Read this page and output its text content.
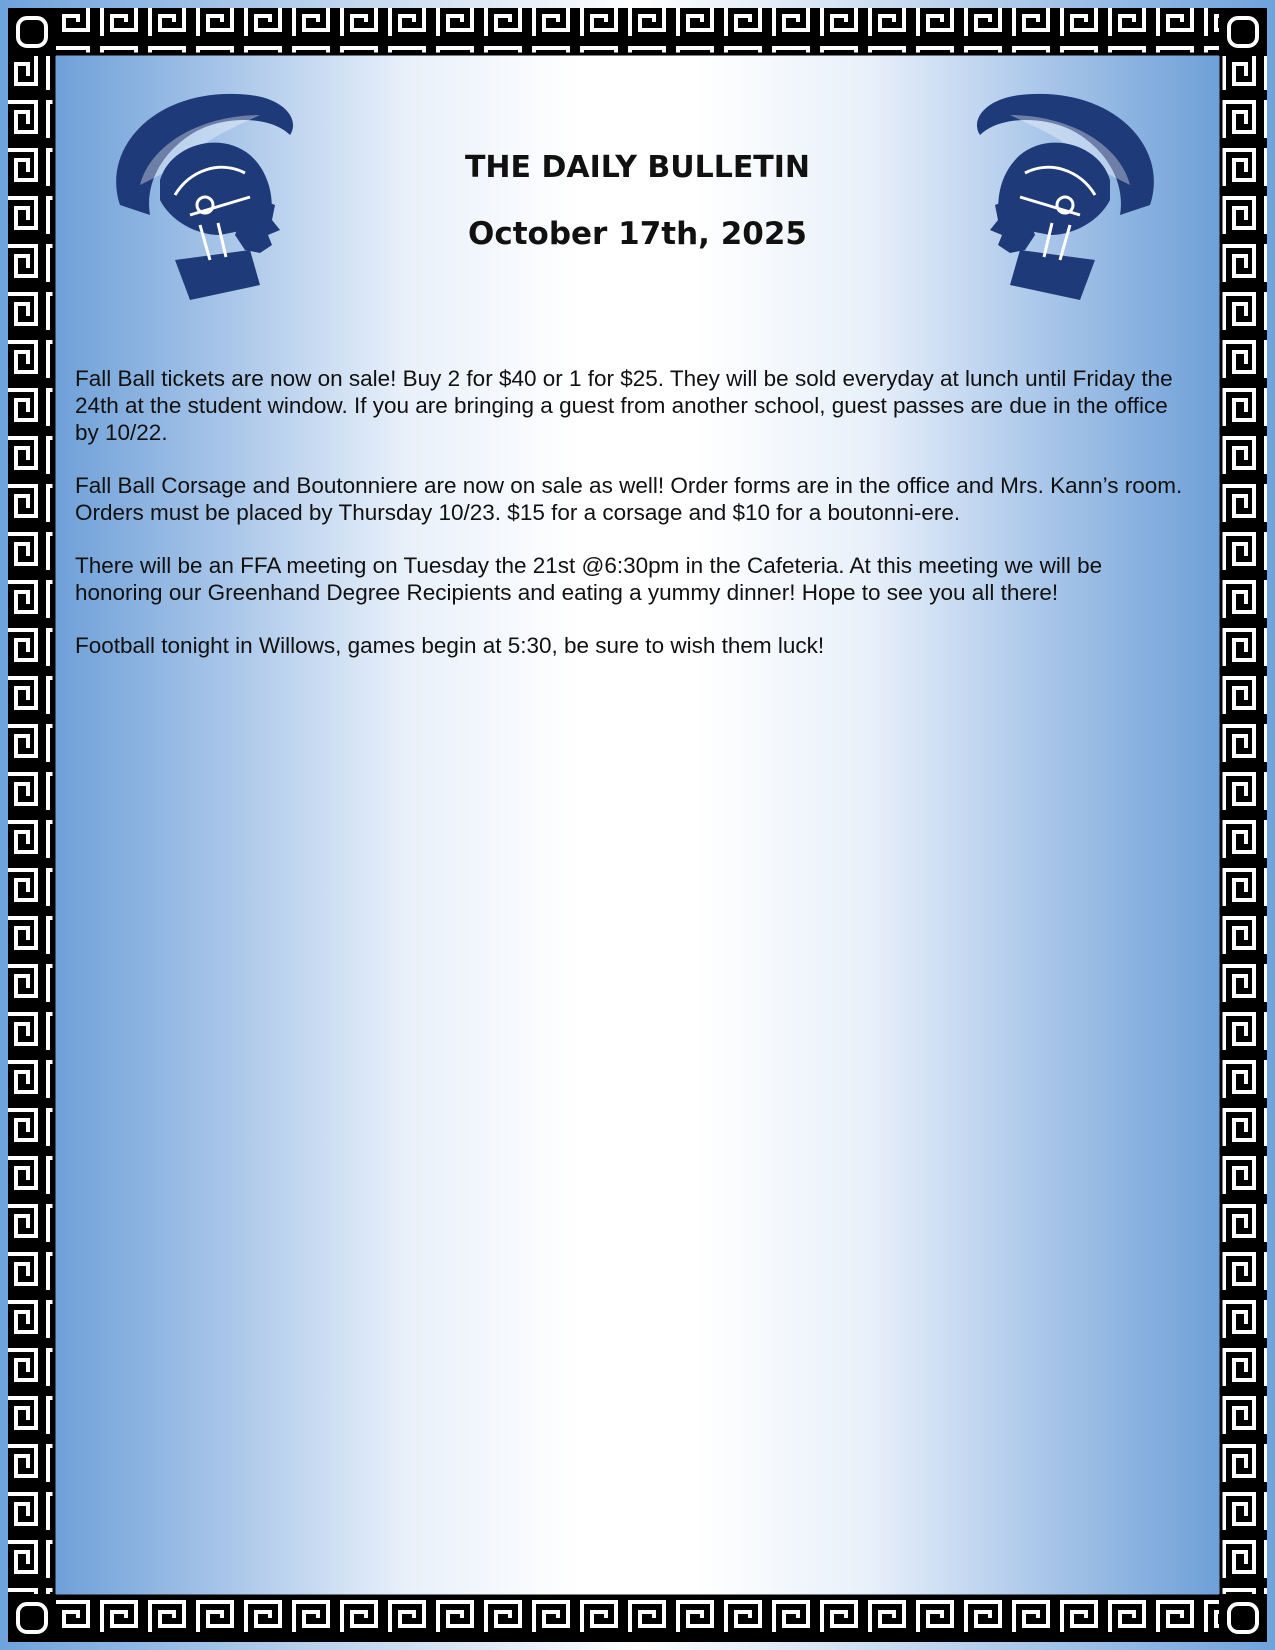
THE DAILY BULLETIN
October 17th, 2025

Fall Ball tickets are now on sale! Buy 2 for $40 or 1 for $25. They will be sold everyday at lunch until Friday the 24th at the student window. If you are bringing a guest from another school, guest passes are due in the office by 10/22.

Fall Ball Corsage and Boutonniere are now on sale as well! Order forms are in the office and Mrs. Kann’s room. Orders must be placed by Thursday 10/23. $15 for a corsage and $10 for a boutonni-ere.

There will be an FFA meeting on Tuesday the 21st @6:30pm in the Cafeteria. At this meeting we will be honoring our Greenhand Degree Recipients and eating a yummy dinner! Hope to see you all there!

Football tonight in Willows, games begin at 5:30, be sure to wish them luck!
